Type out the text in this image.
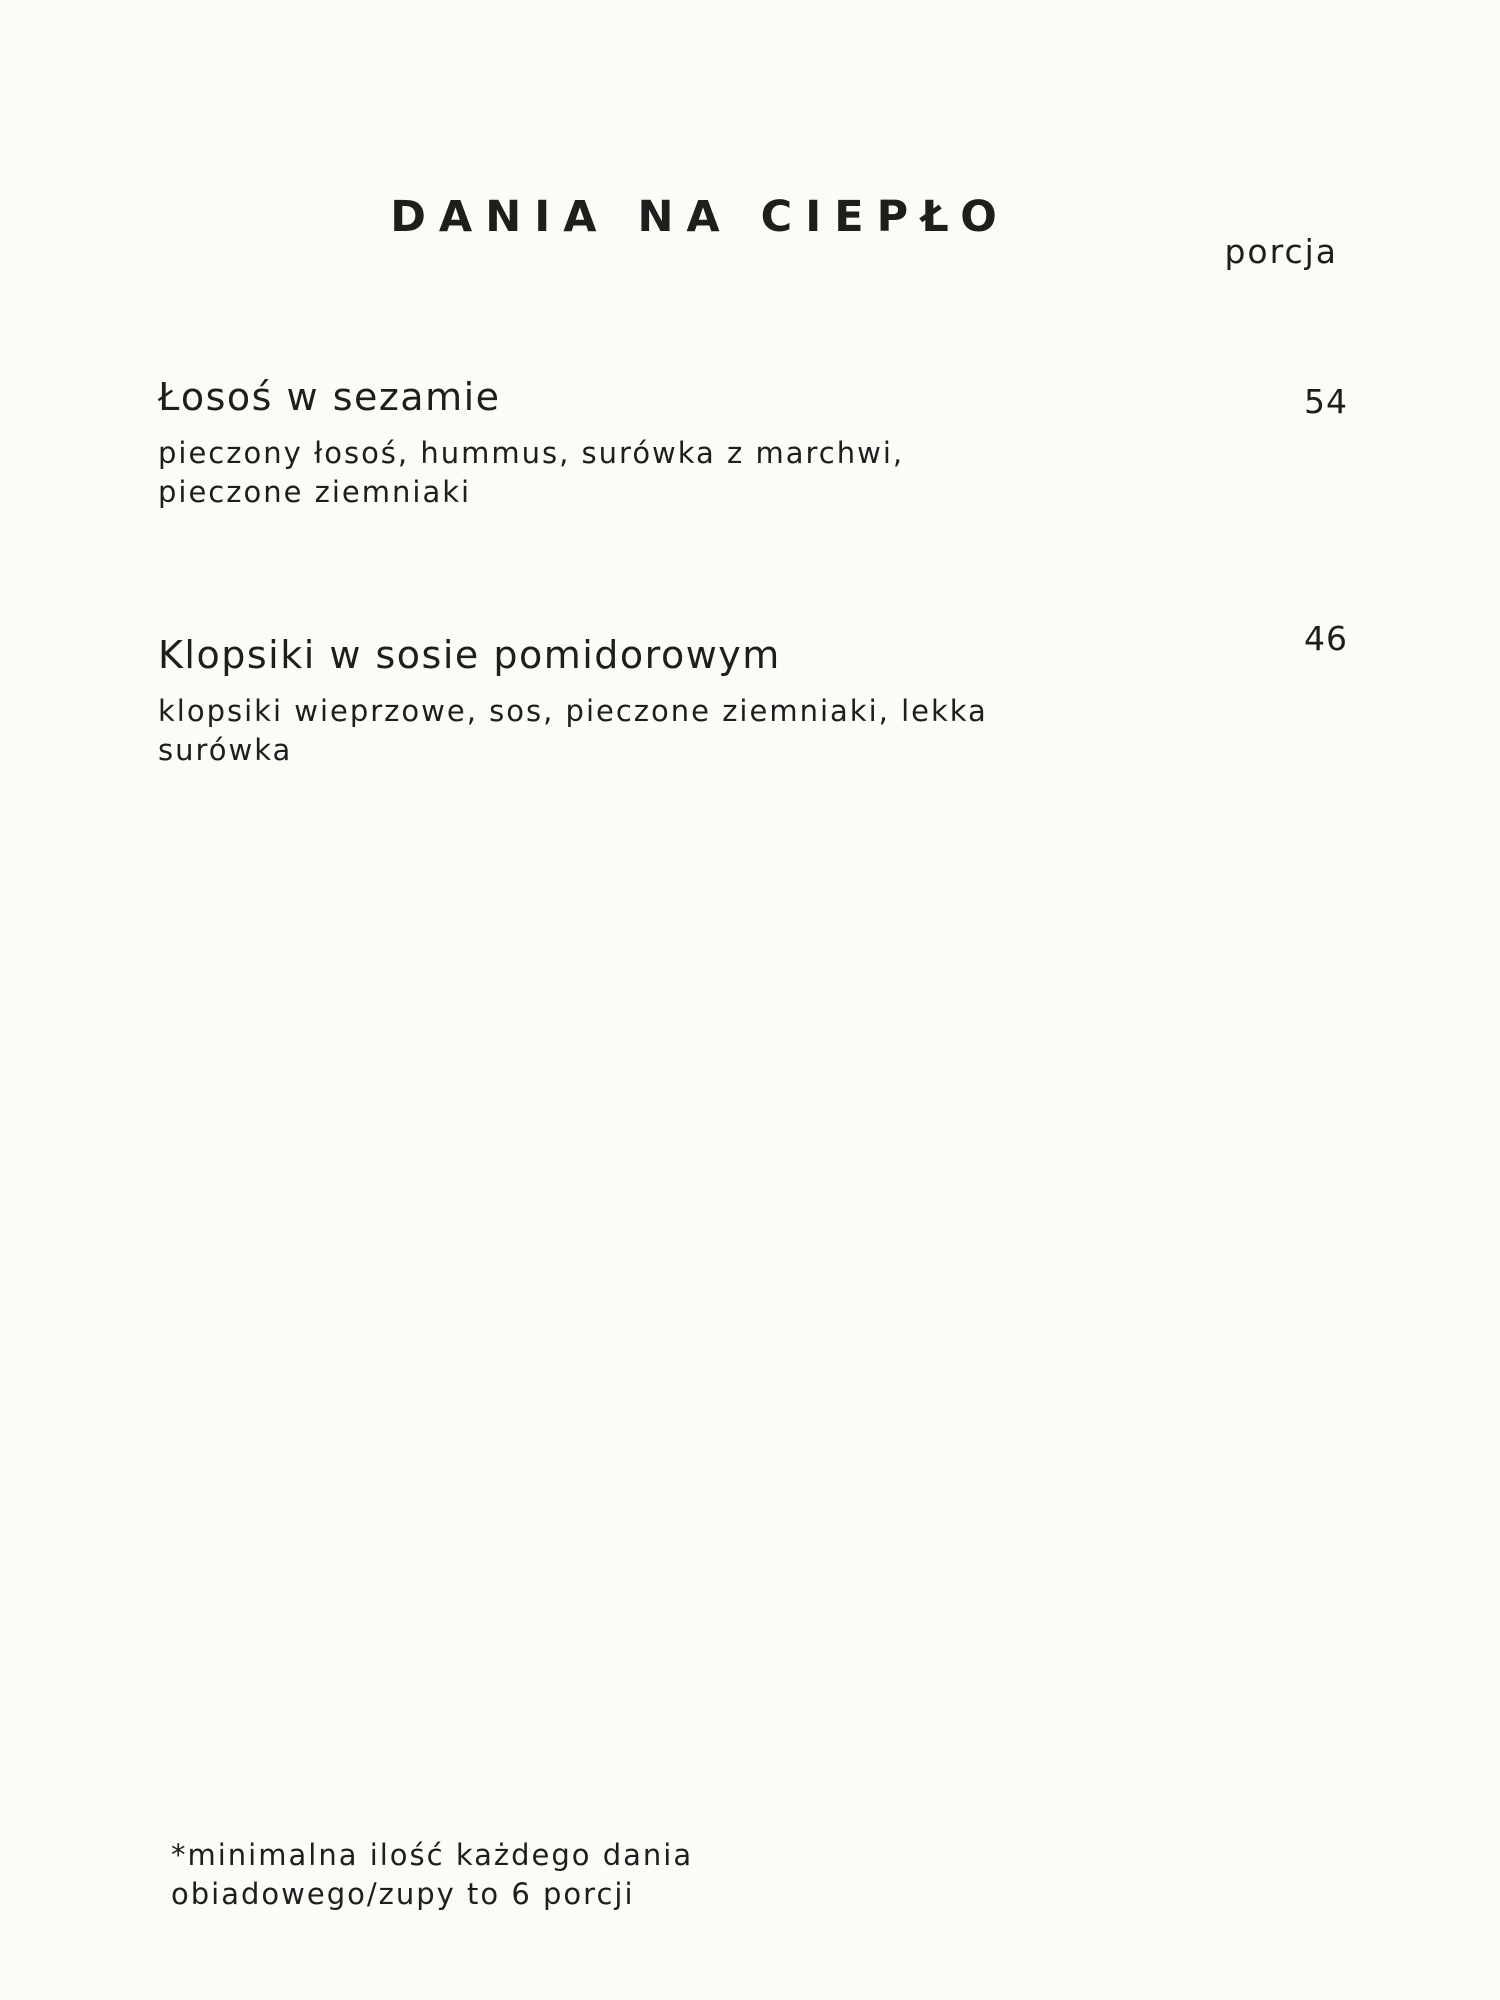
DANIA NA CIEPŁO
porcja
Łosoś w sezamie
pieczony łosoś, hummus, surówka z marchwi, pieczone ziemniaki
54
Klopsiki w sosie pomidorowym
klopsiki wieprzowe, sos, pieczone ziemniaki, lekka surówka
46
*minimalna ilość każdego dania obiadowego/zupy to 6 porcji
